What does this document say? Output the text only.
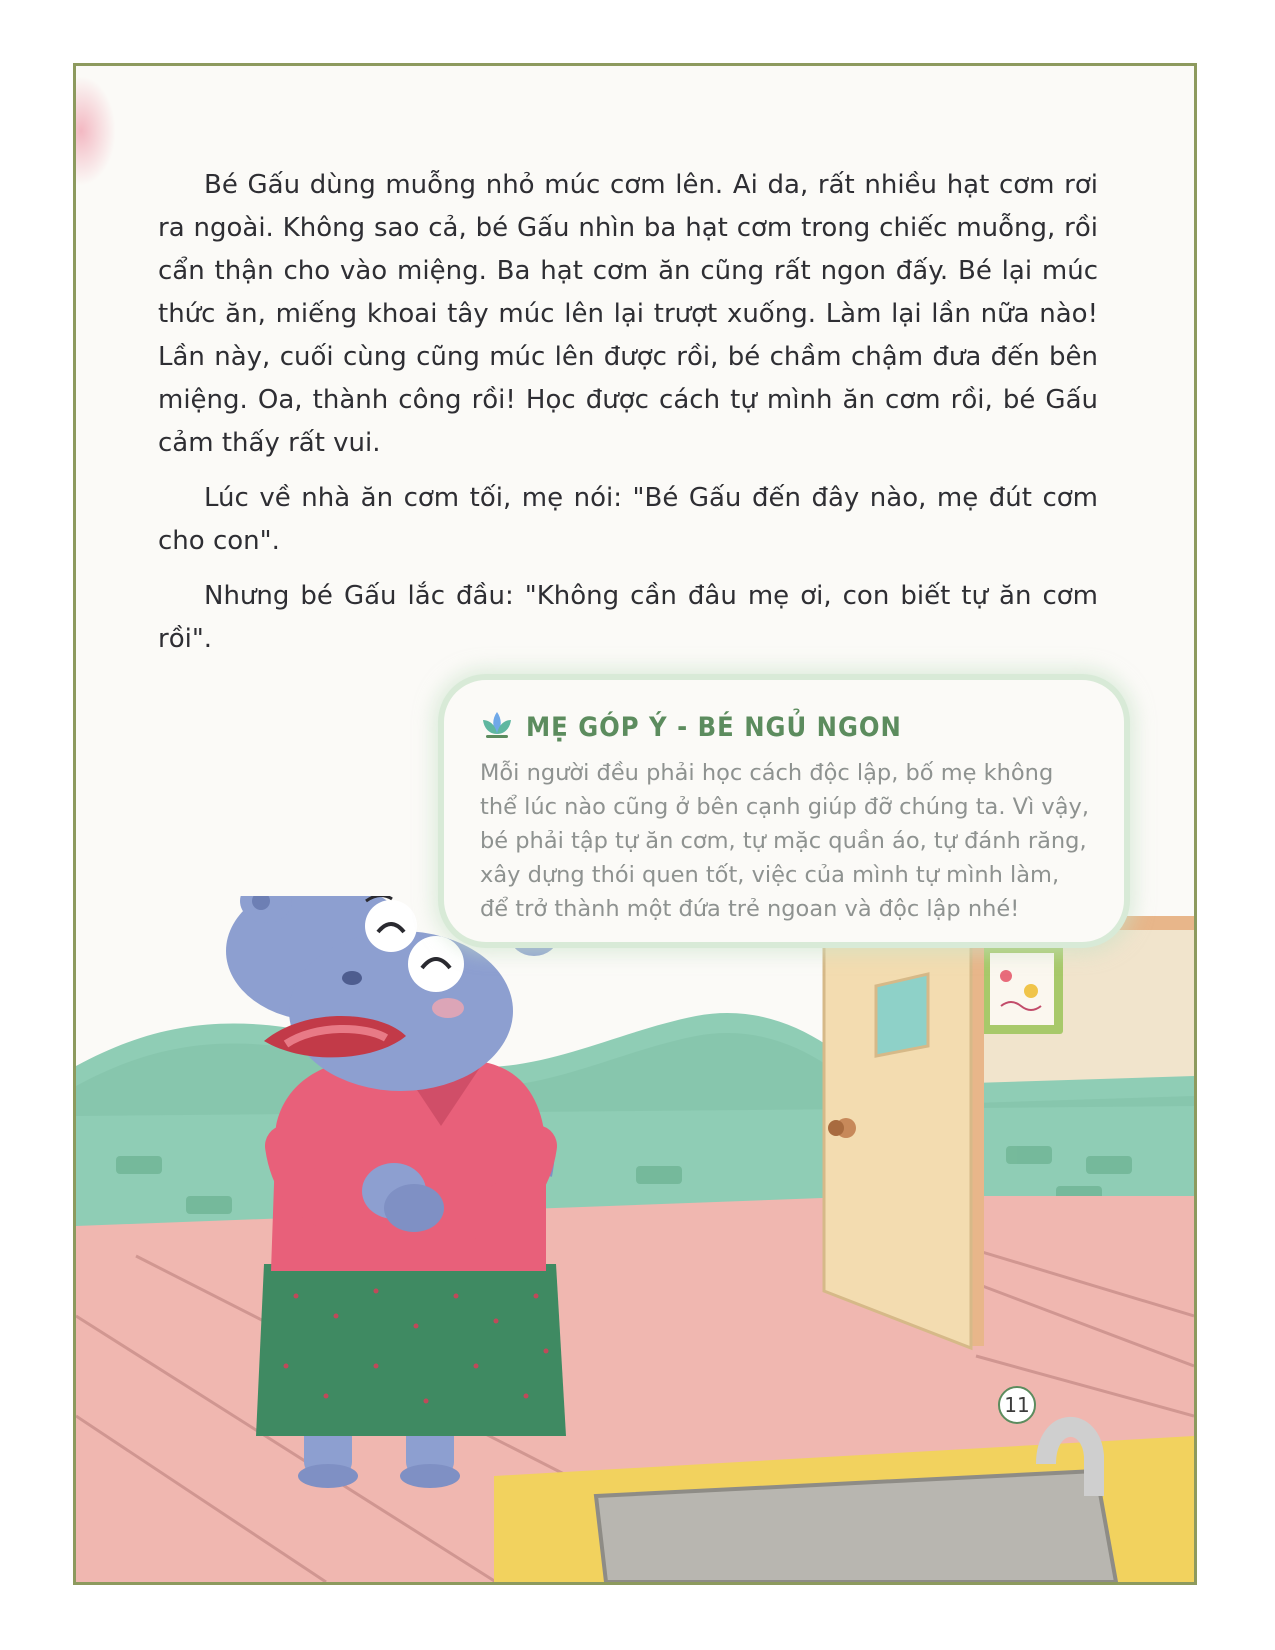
Bé Gấu dùng muỗng nhỏ múc cơm lên. Ai da, rất nhiều hạt cơm rơi ra ngoài. Không sao cả, bé Gấu nhìn ba hạt cơm trong chiếc muỗng, rồi cẩn thận cho vào miệng. Ba hạt cơm ăn cũng rất ngon đấy. Bé lại múc thức ăn, miếng khoai tây múc lên lại trượt xuống. Làm lại lần nữa nào! Lần này, cuối cùng cũng múc lên được rồi, bé chầm chậm đưa đến bên miệng. Oa, thành công rồi! Học được cách tự mình ăn cơm rồi, bé Gấu cảm thấy rất vui.

Lúc về nhà ăn cơm tối, mẹ nói: "Bé Gấu đến đây nào, mẹ đút cơm cho con".

Nhưng bé Gấu lắc đầu: "Không cần đâu mẹ ơi, con biết tự ăn cơm rồi".

MẸ GÓP Ý - BÉ NGỦ NGON

Mỗi người đều phải học cách độc lập, bố mẹ không thể lúc nào cũng ở bên cạnh giúp đỡ chúng ta. Vì vậy, bé phải tập tự ăn cơm, tự mặc quần áo, tự đánh răng, xây dựng thói quen tốt, việc của mình tự mình làm, để trở thành một đứa trẻ ngoan và độc lập nhé!

11
